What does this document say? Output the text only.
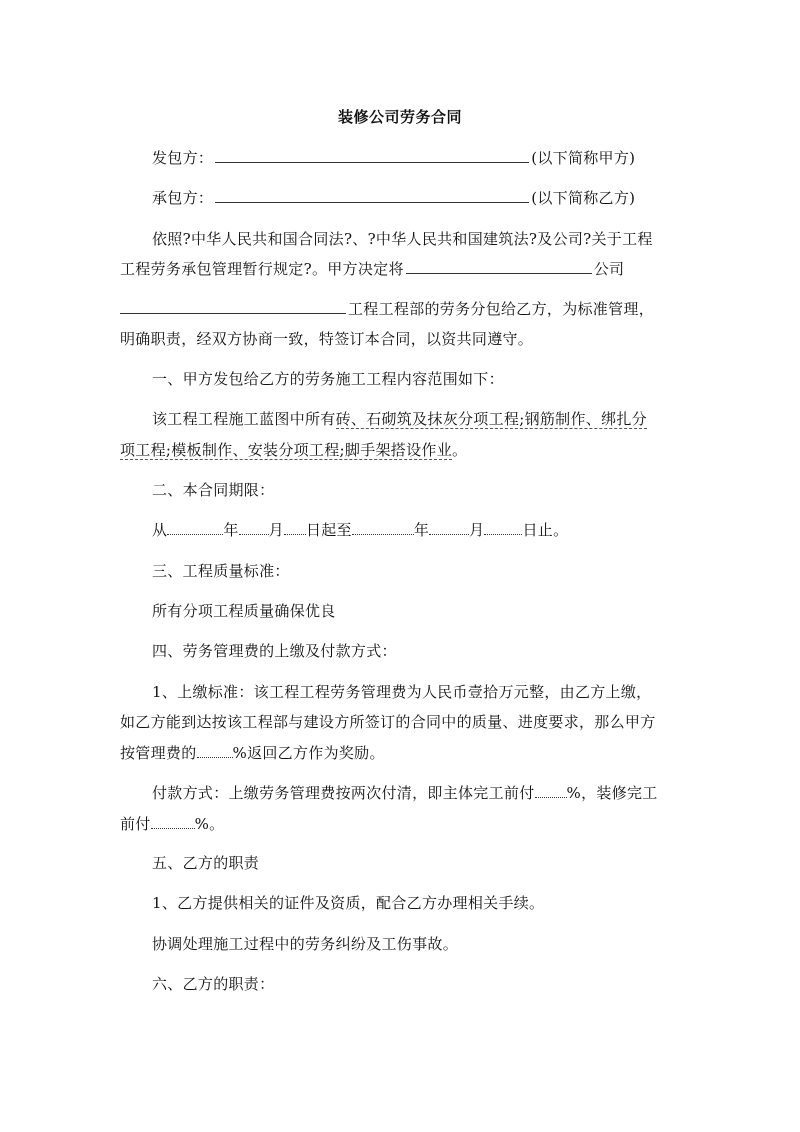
装修公司劳务合同
发包方：	(以下简称甲方)
承包方：	(以下简称乙方)
依照?中华人民共和国合同法?、?中华人民共和国建筑法?及公司?关于工程
工程劳务承包管理暂行规定?。甲方决定将	公司
工程工程部的劳务分包给乙方，为标准管理，
明确职责，经双方协商一致，特签订本合同，以资共同遵守。
一、甲方发包给乙方的劳务施工工程内容范围如下：
该工程工程施工蓝图中所有砖、石砌筑及抹灰分项工程;钢筋制作、绑扎分
项工程;模板制作、安装分项工程;脚手架搭设作业。
二、本合同期限：
从	年 月 日起至	年	月	日止。
三、工程质量标准：
所有分项工程质量确保优良
四、劳务管理费的上缴及付款方式：
1、上缴标准：该工程工程劳务管理费为人民币壹拾万元整，由乙方上缴，
如乙方能到达按该工程部与建设方所签订的合同中的质量、进度要求，那么甲方
按管理费的 %返回乙方作为奖励。
付款方式：上缴劳务管理费按两次付清，即主体完工前付 %，装修完工
前付	%。
五、乙方的职责
1、乙方提供相关的证件及资质，配合乙方办理相关手续。
协调处理施工过程中的劳务纠纷及工伤事故。
六、乙方的职责：
